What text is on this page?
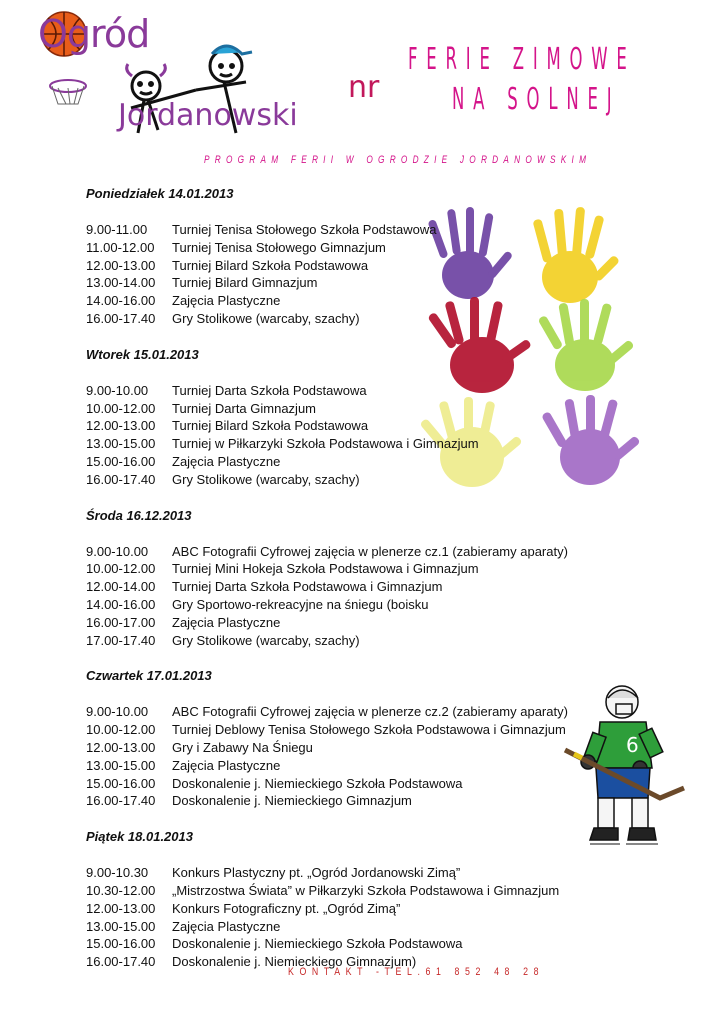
Ogród
Jordanowski
nr
FERIE ZIMOWE
NA SOLNEJ
PROGRAM FERII W OGRODZIE JORDANOWSKIM
6
Poniedziałek 14.01.2013
9.00-11.00	Turniej Tenisa Stołowego Szkoła Podstawowa
11.00-12.00	Turniej Tenisa Stołowego Gimnazjum
12.00-13.00	Turniej Bilard Szkoła Podstawowa
13.00-14.00	Turniej Bilard Gimnazjum
14.00-16.00	Zajęcia Plastyczne
16.00-17.40	Gry Stolikowe (warcaby, szachy)
Wtorek 15.01.2013
9.00-10.00	Turniej Darta Szkoła Podstawowa
10.00-12.00	Turniej Darta Gimnazjum
12.00-13.00	Turniej Bilard Szkoła Podstawowa
13.00-15.00	Turniej w Piłkarzyki Szkoła Podstawowa i Gimnazjum
15.00-16.00	Zajęcia Plastyczne
16.00-17.40	Gry Stolikowe (warcaby, szachy)
Środa 16.12.2013
9.00-10.00	ABC Fotografii Cyfrowej zajęcia w plenerze cz.1 (zabieramy aparaty)
10.00-12.00	Turniej Mini Hokeja Szkoła Podstawowa i Gimnazjum
12.00-14.00	Turniej Darta Szkoła Podstawowa i Gimnazjum
14.00-16.00	Gry Sportowo-rekreacyjne na śniegu (boisku
16.00-17.00	Zajęcia Plastyczne
17.00-17.40	Gry Stolikowe (warcaby, szachy)
Czwartek 17.01.2013
9.00-10.00	ABC Fotografii Cyfrowej zajęcia w plenerze cz.2 (zabieramy aparaty)
10.00-12.00	Turniej Deblowy Tenisa Stołowego Szkoła Podstawowa i Gimnazjum
12.00-13.00	Gry i Zabawy Na Śniegu
13.00-15.00	Zajęcia Plastyczne
15.00-16.00	Doskonalenie j. Niemieckiego Szkoła Podstawowa
16.00-17.40	Doskonalenie j. Niemieckiego Gimnazjum
Piątek 18.01.2013
9.00-10.30	Konkurs Plastyczny pt. „Ogród Jordanowski Zimą”
10.30-12.00	„Mistrzostwa Świata” w Piłkarzyki Szkoła Podstawowa i Gimnazjum
12.00-13.00	Konkurs Fotograficzny pt. „Ogród Zimą”
13.00-15.00	Zajęcia Plastyczne
15.00-16.00	Doskonalenie j. Niemieckiego Szkoła Podstawowa
16.00-17.40	Doskonalenie j. Niemieckiego Gimnazjum)
KONTAKT -TEL.61 852 48 28
